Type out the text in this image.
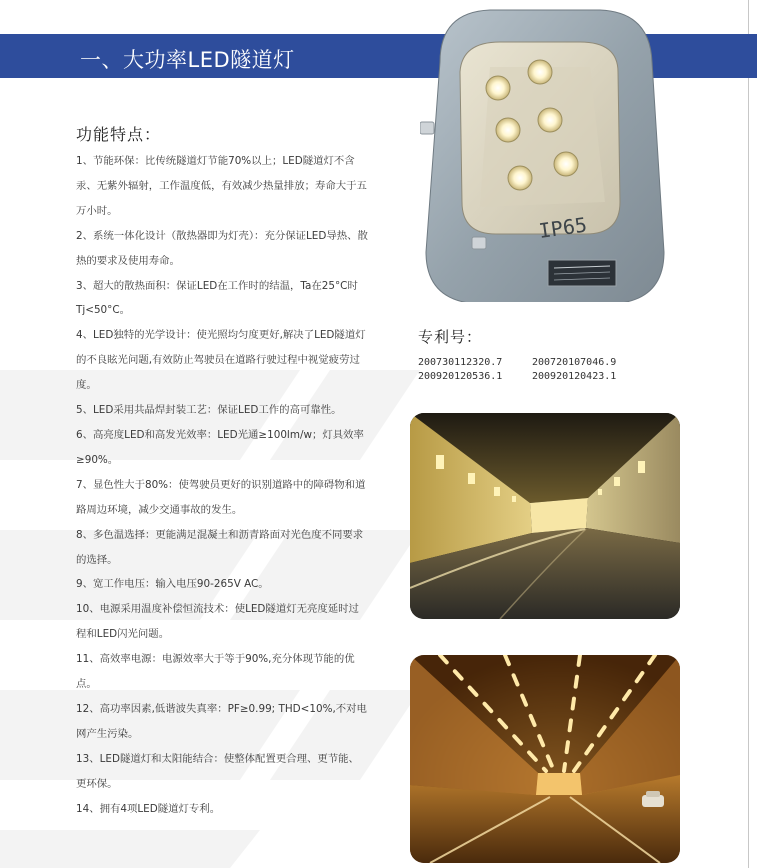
一、大功率LED隧道灯
IP65
功能特点：
1、节能环保：比传统隧道灯节能70%以上；LED隧道灯不含汞、无紫外辐射，工作温度低，有效减少热量排放；寿命大于五万小时。
2、系统一体化设计（散热器即为灯壳）：充分保证LED导热、散热的要求及使用寿命。
3、超大的散热面积：保证LED在工作时的结温，Ta在25°C时Tj<50°C。
4、LED独特的光学设计：使光照均匀度更好,解决了LED隧道灯的不良眩光问题,有效防止驾驶员在道路行驶过程中视觉疲劳过度。
5、LED采用共晶焊封装工艺：保证LED工作的高可靠性。
6、高亮度LED和高发光效率：LED光通≥100lm/w；灯具效率≥90%。
7、显色性大于80%：使驾驶员更好的识别道路中的障碍物和道路周边环境，减少交通事故的发生。
8、多色温选择：更能满足混凝土和沥青路面对光色度不同要求的选择。
9、宽工作电压：输入电压90-265V AC。
10、电源采用温度补偿恒流技术：使LED隧道灯无亮度延时过程和LED闪光问题。
11、高效率电源：电源效率大于等于90%,充分体现节能的优点。
12、高功率因素,低谐波失真率：PF≥0.99; THD<10%,不对电网产生污染。
13、LED隧道灯和太阳能结合：使整体配置更合理、更节能、更环保。
14、拥有4项LED隧道灯专利。
专利号：
200730112320.7	200720107046.9
200920120536.1	200920120423.1
